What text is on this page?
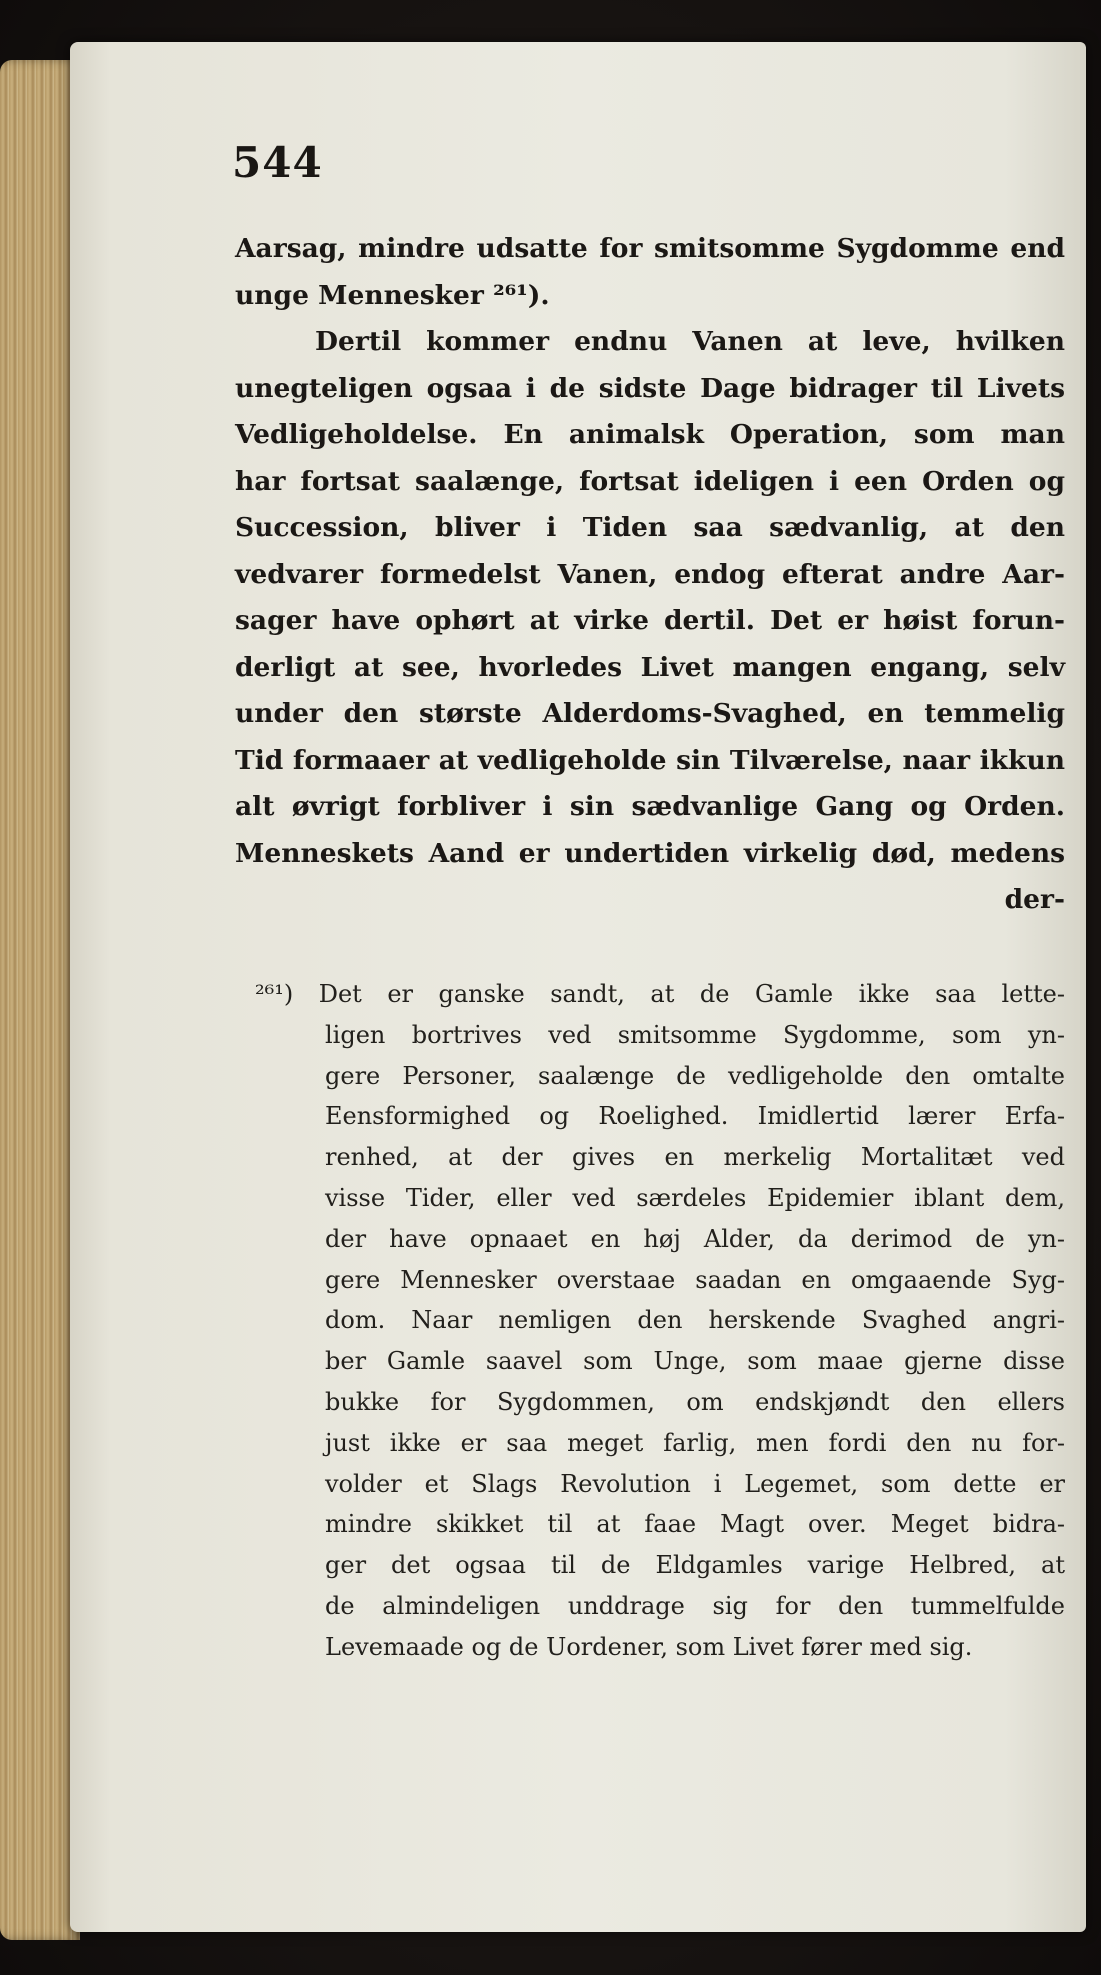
544
Aarsag, mindre udsatte for smitsomme Sygdomme end
unge Mennesker ²⁶¹).
Dertil kommer endnu Vanen at leve, hvilken
unegteligen ogsaa i de sidste Dage bidrager til Livets
Vedligeholdelse. En animalsk Operation, som man
har fortsat saalænge, fortsat ideligen i een Orden og
Succession, bliver i Tiden saa sædvanlig, at den
vedvarer formedelst Vanen, endog efterat andre Aar-
sager have ophørt at virke dertil. Det er høist forun-
derligt at see, hvorledes Livet mangen engang, selv
under den største Alderdoms-Svaghed, en temmelig
Tid formaaer at vedligeholde sin Tilværelse, naar ikkun
alt øvrigt forbliver i sin sædvanlige Gang og Orden.
Menneskets Aand er undertiden virkelig død, medens
der-
²⁶¹) Det er ganske sandt, at de Gamle ikke saa lette-
ligen bortrives ved smitsomme Sygdomme, som yn-
gere Personer, saalænge de vedligeholde den omtalte
Eensformighed og Roelighed. Imidlertid lærer Erfa-
renhed, at der gives en merkelig Mortalitæt ved
visse Tider, eller ved særdeles Epidemier iblant dem,
der have opnaaet en høj Alder, da derimod de yn-
gere Mennesker overstaae saadan en omgaaende Syg-
dom. Naar nemligen den herskende Svaghed angri-
ber Gamle saavel som Unge, som maae gjerne disse
bukke for Sygdommen, om endskjøndt den ellers
just ikke er saa meget farlig, men fordi den nu for-
volder et Slags Revolution i Legemet, som dette er
mindre skikket til at faae Magt over. Meget bidra-
ger det ogsaa til de Eldgamles varige Helbred, at
de almindeligen unddrage sig for den tummelfulde
Levemaade og de Uordener, som Livet fører med sig.
